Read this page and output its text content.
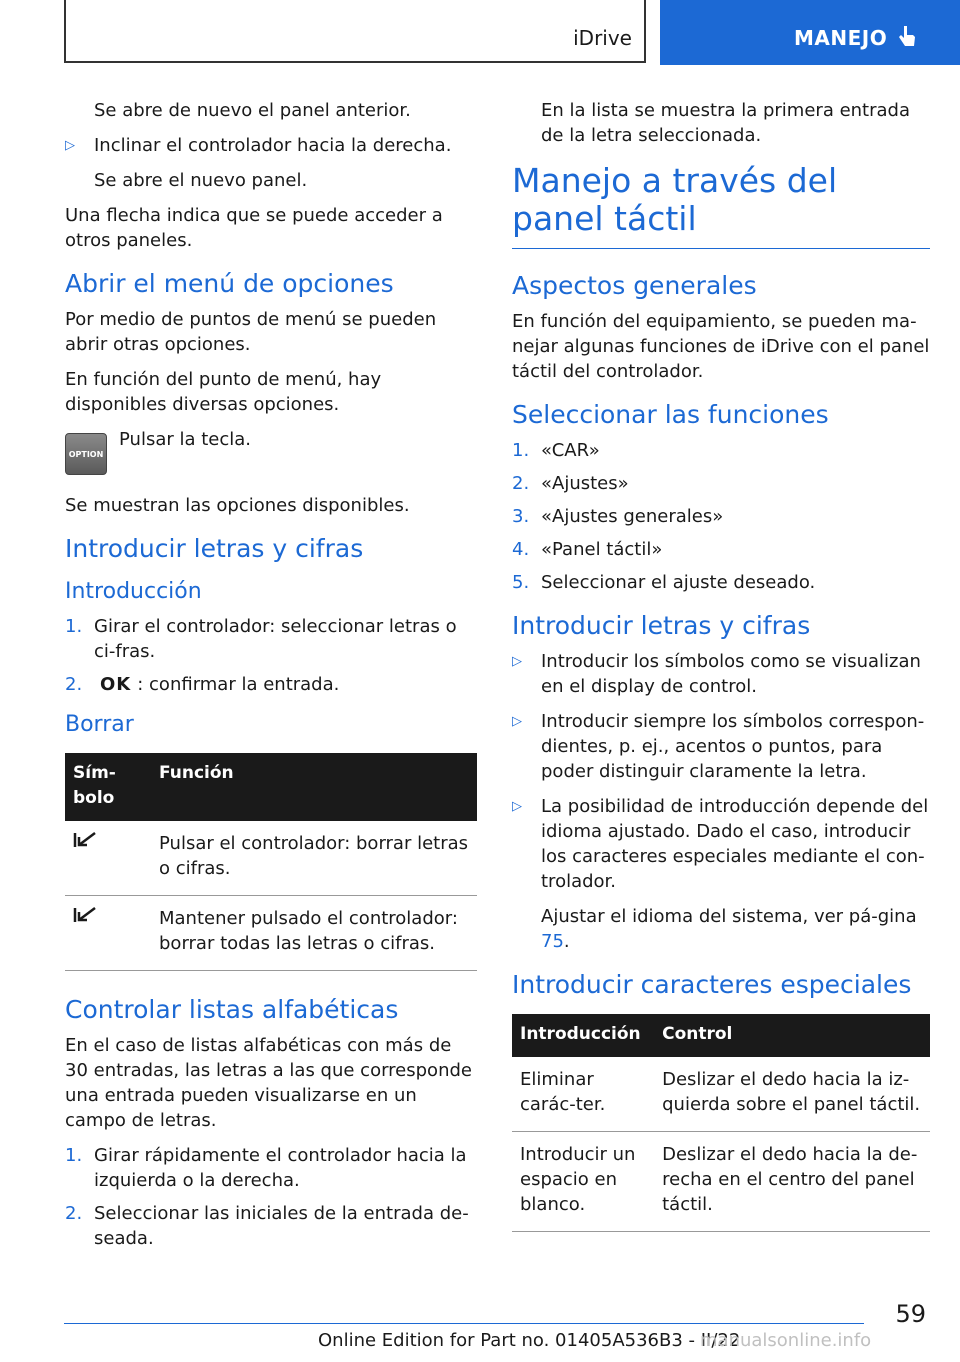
iDrive	MANEJO

Se abre de nuevo el panel anterior.

▷ Inclinar el controlador hacia la derecha.

Se abre el nuevo panel.

Una flecha indica que se puede acceder a otros paneles.

Abrir el menú de opciones

Por medio de puntos de menú se pueden abrir otras opciones.

En función del punto de menú, hay disponibles diversas opciones.

OPTION
Pulsar la tecla.

Se muestran las opciones disponibles.

Introducir letras y cifras
Introducción
1. Girar el controlador: seleccionar letras o ci-fras.
2. OK : confirmar la entrada.
Borrar
Sím-bolo	Función
	Pulsar el controlador: borrar letras o cifras.
	Mantener pulsado el controlador: borrar todas las letras o cifras.
Controlar listas alfabéticas

En el caso de listas alfabéticas con más de 30 entradas, las letras a las que corresponde una entrada pueden visualizarse en un campo de letras.

1. Girar rápidamente el controlador hacia la izquierda o la derecha.
2. Seleccionar las iniciales de la entrada de-seada.

En la lista se muestra la primera entrada de la letra seleccionada.

Manejo a través del panel táctil
Aspectos generales

En función del equipamiento, se pueden ma-nejar algunas funciones de iDrive con el panel táctil del controlador.

Seleccionar las funciones
1. «CAR»
2. «Ajustes»
3. «Ajustes generales»
4. «Panel táctil»
5. Seleccionar el ajuste deseado.
Introducir letras y cifras
▷ Introducir los símbolos como se visualizan en el display de control.
▷ Introducir siempre los símbolos correspon-dientes, p. ej., acentos o puntos, para poder distinguir claramente la letra.
▷ La posibilidad de introducción depende del idioma ajustado. Dado el caso, introducir los caracteres especiales mediante el con-trolador.

Ajustar el idioma del sistema, ver pá-gina 75.

Introducir caracteres especiales
Introducción	Control
Eliminar carác-ter.	Deslizar el dedo hacia la iz-quierda sobre el panel táctil.
Introducir un espacio en blanco.	Deslizar el dedo hacia la de-recha en el centro del panel táctil.
59
Online Edition for Part no. 01405A536B3 - II/22
manualsonline.info
